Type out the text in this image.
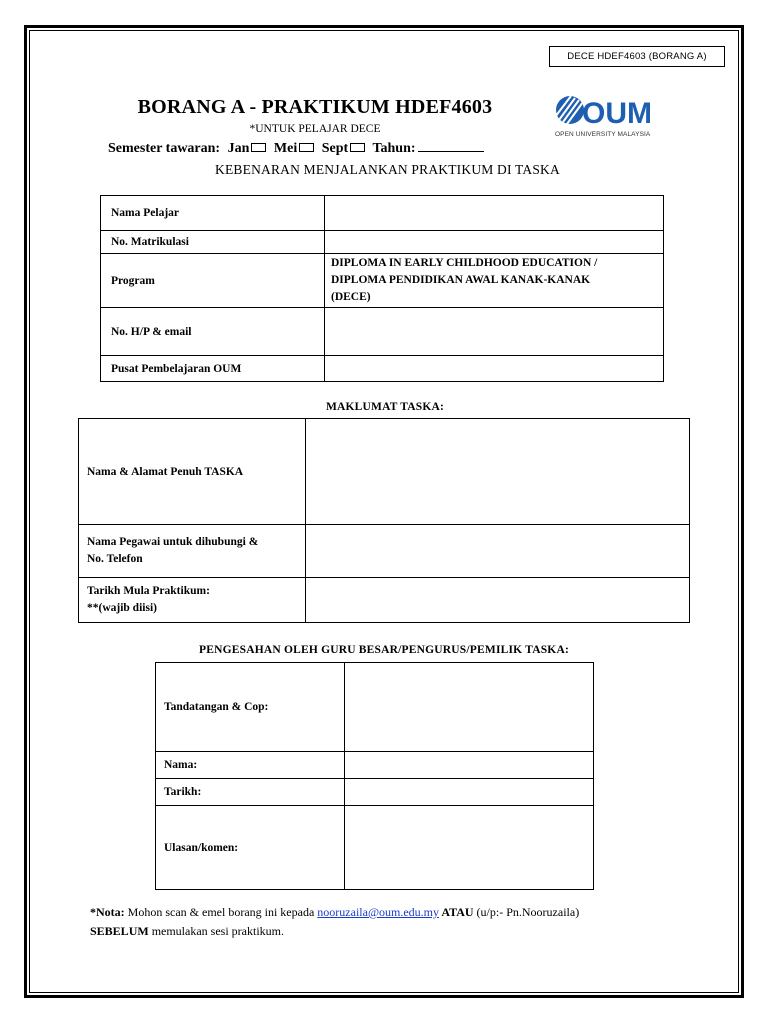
DECE HDEF4603 (BORANG A)
BORANG A - PRAKTIKUM HDEF4603
*UNTUK PELAJAR DECE
Semester tawaran: Jan Mei Sept Tahun:
KEBENARAN MENJALANKAN PRAKTIKUM DI TASKA
OUM
OPEN UNIVERSITY MALAYSIA
Nama Pelajar	
No. Matrikulasi	
Program	DIPLOMA IN EARLY CHILDHOOD EDUCATION /
DIPLOMA PENDIDIKAN AWAL KANAK-KANAK
(DECE)

No. H/P & email	
Pusat Pembelajaran OUM	
MAKLUMAT TASKA:
Nama & Alamat Penuh TASKA	

Nama Pegawai untuk dihubungi &
No. Telefon	

Tarikh Mula Praktikum:
**(wajib diisi)	

PENGESAHAN OLEH GURU BESAR/PENGURUS/PEMILIK TASKA:
Tandatangan & Cop:	
Nama:	
Tarikh:	
Ulasan/komen:	
*Nota: Mohon scan & emel borang ini kepada nooruzaila@oum.edu.my ATAU (u/p:- Pn.Nooruzaila)
SEBELUM memulakan sesi praktikum.
